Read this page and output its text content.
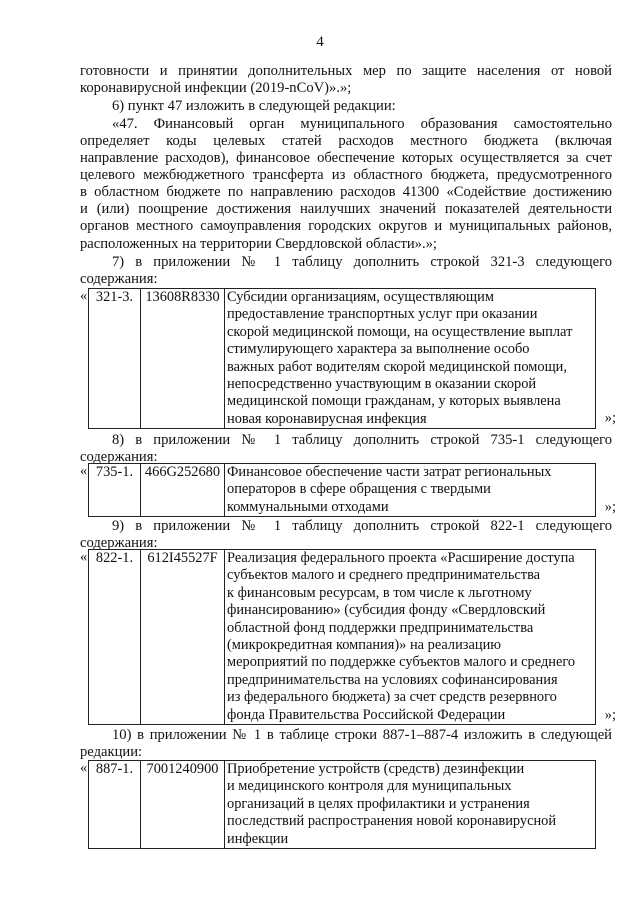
4
готовности и принятии дополнительных мер по защите населения от новой
коронавирусной инфекции (2019-nCoV)».»;
6) пункт 47 изложить в следующей редакции:
«47. Финансовый орган муниципального образования самостоятельно
определяет коды целевых статей расходов местного бюджета (включая
направление расходов), финансовое обеспечение которых осуществляется за счет
целевого межбюджетного трансферта из областного бюджета, предусмотренного
в областном бюджете по направлению расходов 41300 «Содействие достижению
и (или) поощрение достижения наилучших значений показателей деятельности
органов местного самоуправления городских округов и муниципальных районов,
расположенных на территории Свердловской области».»;
7) в приложении № 1 таблицу дополнить строкой 321-3 следующего
содержания:
« 321-3.	13608R8330	Субсидии организациям, осуществляющим
предоставление транспортных услуг при оказании
скорой медицинской помощи, на осуществление выплат
стимулирующего характера за выполнение особо
важных работ водителям скорой медицинской помощи,
непосредственно участвующим в оказании скорой
медицинской помощи гражданам, у которых выявлена
новая коронавирусная инфекция	»;
8) в приложении № 1 таблицу дополнить строкой 735-1 следующего
содержания:
« 735-1.	466G252680	Финансовое обеспечение части затрат региональных
операторов в сфере обращения с твердыми
коммунальными отходами	»;
9) в приложении № 1 таблицу дополнить строкой 822-1 следующего
содержания:
« 822-1.	612I45527F	Реализация федерального проекта «Расширение доступа
субъектов малого и среднего предпринимательства
к финансовым ресурсам, в том числе к льготному
финансированию» (субсидия фонду «Свердловский
областной фонд поддержки предпринимательства
(микрокредитная компания)» на реализацию
мероприятий по поддержке субъектов малого и среднего
предпринимательства на условиях софинансирования
из федерального бюджета) за счет средств резервного
фонда Правительства Российской Федерации	»;
10) в приложении № 1 в таблице строки 887-1–887-4 изложить в следующей
редакции:
« 887-1.	7001240900	Приобретение устройств (средств) дезинфекции
и медицинского контроля для муниципальных
организаций в целях профилактики и устранения
последствий распространения новой коронавирусной
инфекции
